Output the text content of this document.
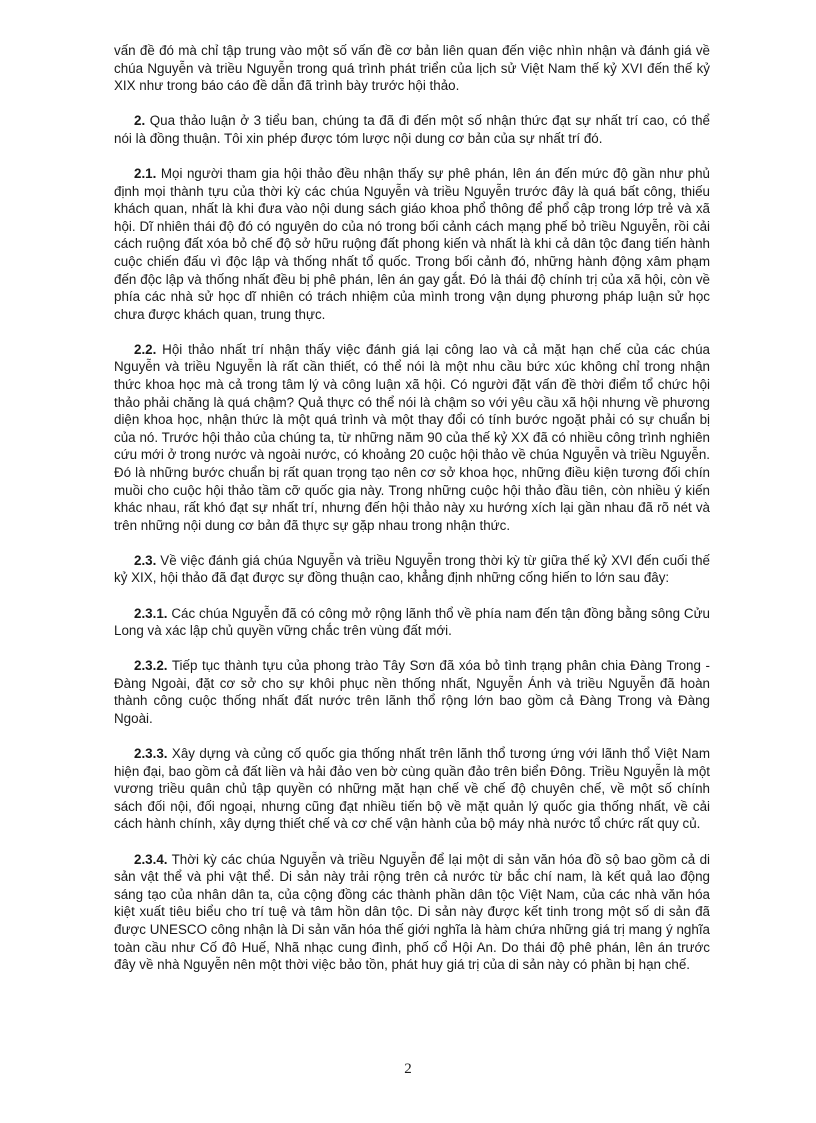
vấn đề đó mà chỉ tập trung vào một số vấn đề cơ bản liên quan đến việc nhìn nhận và đánh giá về chúa Nguyễn và triều Nguyễn trong quá trình phát triển của lịch sử Việt Nam thế kỷ XVI đến thế kỷ XIX như trong báo cáo đề dẫn đã trình bày trước hội thảo.

2. Qua thảo luận ở 3 tiểu ban, chúng ta đã đi đến một số nhận thức đạt sự nhất trí cao, có thể nói là đồng thuận. Tôi xin phép được tóm lược nội dung cơ bản của sự nhất trí đó.

2.1. Mọi người tham gia hội thảo đều nhận thấy sự phê phán, lên án đến mức độ gần như phủ định mọi thành tựu của thời kỳ các chúa Nguyễn và triều Nguyễn trước đây là quá bất công, thiếu khách quan, nhất là khi đưa vào nội dung sách giáo khoa phổ thông để phổ cập trong lớp trẻ và xã hội. Dĩ nhiên thái độ đó có nguyên do của nó trong bối cảnh cách mạng phế bỏ triều Nguyễn, rồi cải cách ruộng đất xóa bỏ chế độ sở hữu ruộng đất phong kiến và nhất là khi cả dân tộc đang tiến hành cuộc chiến đấu vì độc lập và thống nhất tổ quốc. Trong bối cảnh đó, những hành động xâm phạm đến độc lập và thống nhất đều bị phê phán, lên án gay gắt. Đó là thái độ chính trị của xã hội, còn về phía các nhà sử học dĩ nhiên có trách nhiệm của mình trong vận dụng phương pháp luận sử học chưa được khách quan, trung thực.

2.2. Hội thảo nhất trí nhận thấy việc đánh giá lại công lao và cả mặt hạn chế của các chúa Nguyễn và triều Nguyễn là rất cần thiết, có thể nói là một nhu cầu bức xúc không chỉ trong nhận thức khoa học mà cả trong tâm lý và công luận xã hội. Có người đặt vấn đề thời điểm tổ chức hội thảo phải chăng là quá chậm? Quả thực có thể nói là chậm so với yêu cầu xã hội nhưng về phương diện khoa học, nhận thức là một quá trình và một thay đổi có tính bước ngoặt phải có sự chuẩn bị của nó. Trước hội thảo của chúng ta, từ những năm 90 của thế kỷ XX đã có nhiều công trình nghiên cứu mới ở trong nước và ngoài nước, có khoảng 20 cuộc hội thảo về chúa Nguyễn và triều Nguyễn. Đó là những bước chuẩn bị rất quan trọng tạo nên cơ sở khoa học, những điều kiện tương đối chín muồi cho cuộc hội thảo tầm cỡ quốc gia này. Trong những cuộc hội thảo đầu tiên, còn nhiều ý kiến khác nhau, rất khó đạt sự nhất trí, nhưng đến hội thảo này xu hướng xích lại gần nhau đã rõ nét và trên những nội dung cơ bản đã thực sự gặp nhau trong nhận thức.

2.3. Về việc đánh giá chúa Nguyễn và triều Nguyễn trong thời kỳ từ giữa thế kỷ XVI đến cuối thế kỷ XIX, hội thảo đã đạt được sự đồng thuận cao, khẳng định những cống hiến to lớn sau đây:

2.3.1. Các chúa Nguyễn đã có công mở rộng lãnh thổ về phía nam đến tận đồng bằng sông Cửu Long và xác lập chủ quyền vững chắc trên vùng đất mới.

2.3.2. Tiếp tục thành tựu của phong trào Tây Sơn đã xóa bỏ tình trạng phân chia Đàng Trong - Đàng Ngoài, đặt cơ sở cho sự khôi phục nền thống nhất, Nguyễn Ánh và triều Nguyễn đã hoàn thành công cuộc thống nhất đất nước trên lãnh thổ rộng lớn bao gồm cả Đàng Trong và Đàng Ngoài.

2.3.3. Xây dựng và củng cố quốc gia thống nhất trên lãnh thổ tương ứng với lãnh thổ Việt Nam hiện đại, bao gồm cả đất liền và hải đảo ven bờ cùng quần đảo trên biển Đông. Triều Nguyễn là một vương triều quân chủ tập quyền có những mặt hạn chế về chế độ chuyên chế, về một số chính sách đối nội, đối ngoại, nhưng cũng đạt nhiều tiến bộ về mặt quản lý quốc gia thống nhất, về cải cách hành chính, xây dựng thiết chế và cơ chế vận hành của bộ máy nhà nước tổ chức rất quy củ.

2.3.4. Thời kỳ các chúa Nguyễn và triều Nguyễn để lại một di sản văn hóa đồ sộ bao gồm cả di sản vật thể và phi vật thể. Di sản này trải rộng trên cả nước từ bắc chí nam, là kết quả lao động sáng tạo của nhân dân ta, của cộng đồng các thành phần dân tộc Việt Nam, của các nhà văn hóa kiệt xuất tiêu biểu cho trí tuệ và tâm hồn dân tộc. Di sản này được kết tinh trong một số di sản đã được UNESCO công nhận là Di sản văn hóa thế giới nghĩa là hàm chứa những giá trị mang ý nghĩa toàn cầu như Cố đô Huế, Nhã nhạc cung đình, phố cổ Hội An. Do thái độ phê phán, lên án trước đây về nhà Nguyễn nên một thời việc bảo tồn, phát huy giá trị của di sản này có phần bị hạn chế.

2
